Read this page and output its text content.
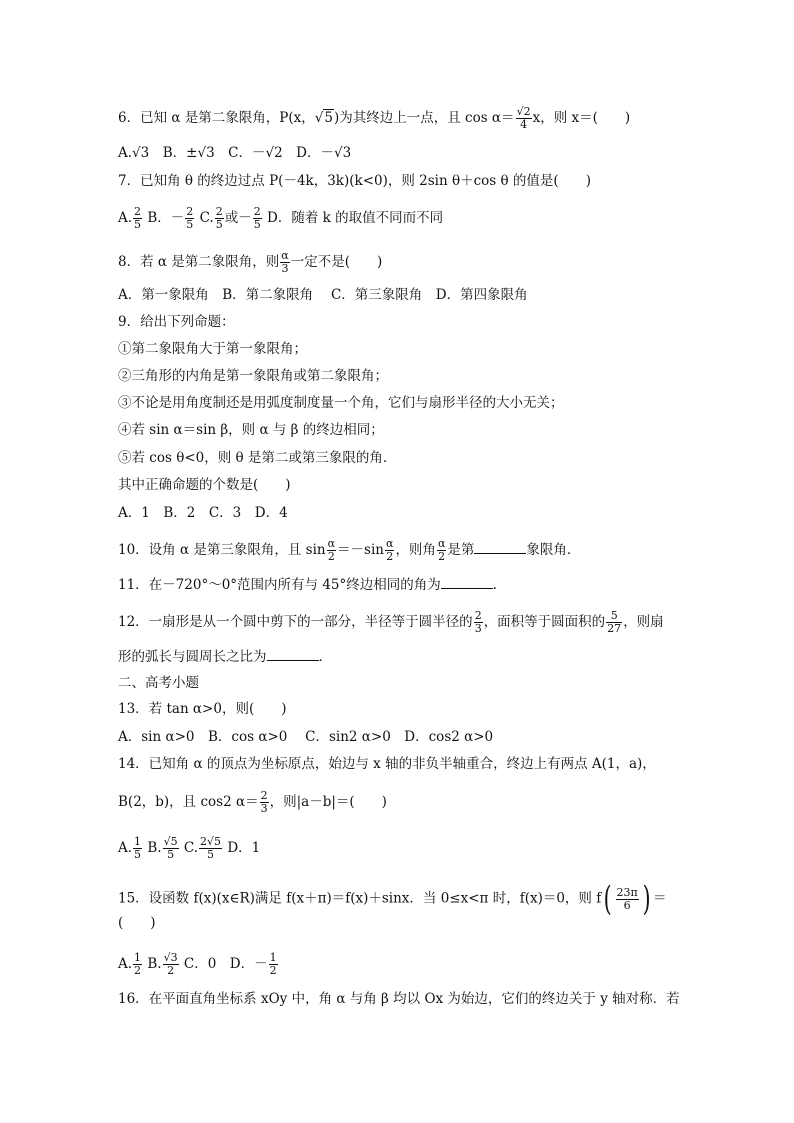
6．已知 α 是第二象限角，P(x，√5)为其终边上一点，且 $\cos \alpha= \frac{√2}{4}$ x，则 x＝(　　)
A.√3　B．±√3　C．－√2　D．－√3
7．已知角 θ 的终边过点 P(－4k，3k)(k<0)，则 2sin θ＋cos θ 的值是(　　)
A. $\frac{2}{5}$ B．－ $\frac{2}{5} C$. $\frac{2}{5}$ 或－ $\frac{2}{5}$ D．随着 k 的取值不同而不同
8．若 α 是第二象限角，则 $\frac{\alpha}{3}$ 一定不是(　　)
A．第一象限角　B．第二象限角　 C．第三象限角　D．第四象限角
9．给出下列命题：
①第二象限角大于第一象限角；
②三角形的内角是第一象限角或第二象限角；
③不论是用角度制还是用弧度制度量一个角，它们与扇形半径的大小无关；
④若 sin α＝sin β，则 α 与 β 的终边相同；
⑤若 cos θ<0，则 θ 是第二或第三象限的角．
其中正确命题的个数是(　　)
A．1　B．2　C．3　D．4
10．设角 α 是第三象限角，且 $\sin \frac{\alpha}{2} =-\sin \frac{\alpha}{2}$ ，则角 $\frac{\alpha}{2}$ 是第	象限角．
11．在－720°～0°范围内所有与 45°终边相同的角为	．
12．一扇形是从一个圆中剪下的一部分，半径等于圆半径的 $\frac{2}{3}$ ，面积等于圆面积的 $\frac{5}{27}$ ，则扇
形的弧长与圆周长之比为	．
二、高考小题
13．若 tan α>0，则(　　)
A．sin α>0　B．cos α>0　 C．sin2 α>0　D．cos2 α>0
14．已知角 α 的顶点为坐标原点，始边与 x 轴的非负半轴重合，终边上有两点 A(1，a)，
B(2，b)，且 cos2 $\alpha= \frac{2}{3}$ ，则|a－b|＝(　　)
A. $\frac{1}{5} B$. $\frac{√5}{5} C$. $\frac{2√5}{5}$ D．1
15．设函数 f(x)(x∈R)满足 f(x＋π)＝f(x)＋sinx．当 0≤x<π 时，f(x)＝0，则 $f( \frac{23\pi}{6}$ ) ＝
(　　)
A. $\frac{1}{2} B$. $\frac{√3}{2}$ C．0　D．－ $\frac{1}{2}$
16．在平面直角坐标系 xOy 中，角 α 与角 β 均以 Ox 为始边，它们的终边关于 y 轴对称．若
